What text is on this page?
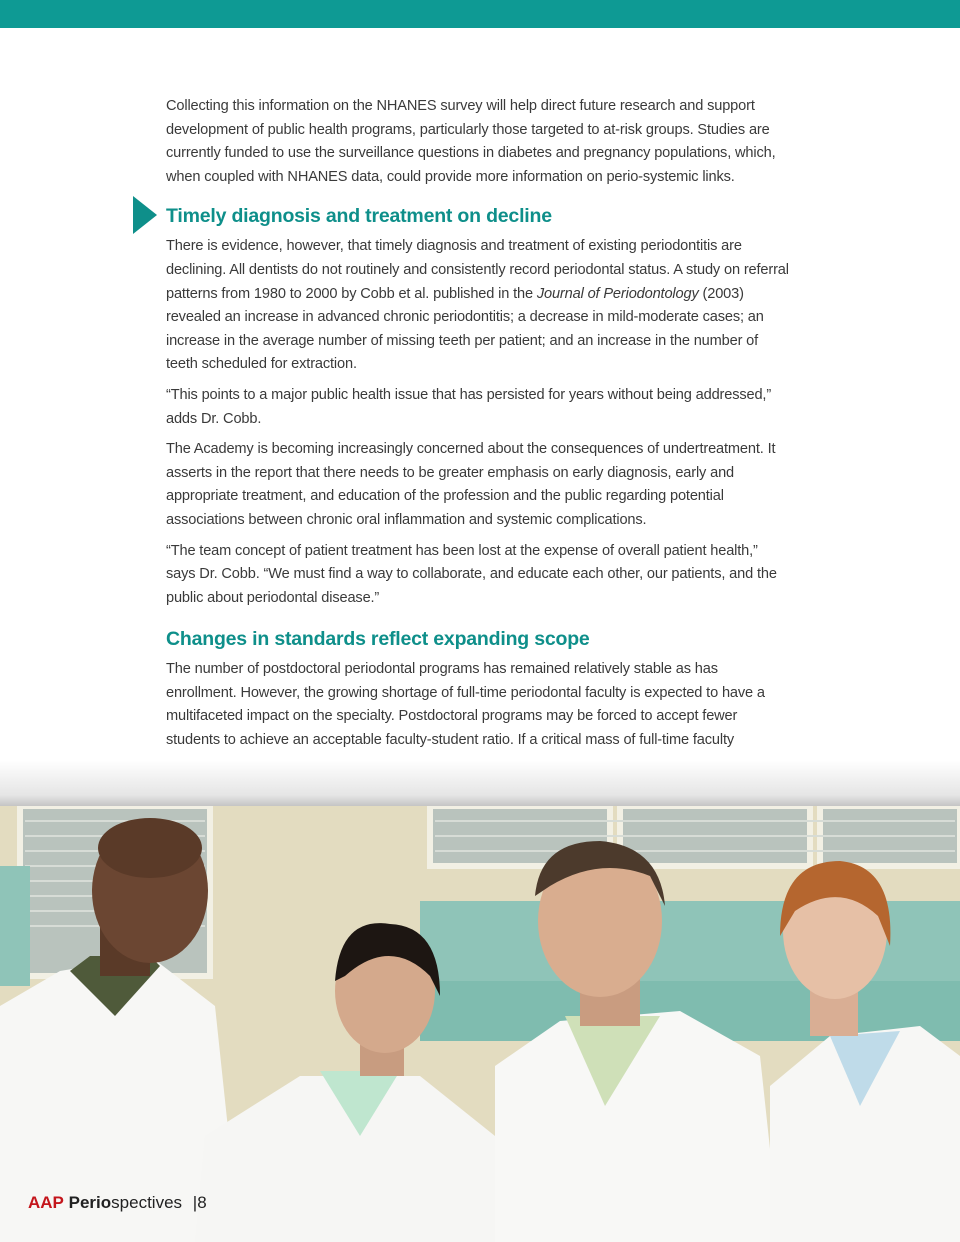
Collecting this information on the NHANES survey will help direct future research and support development of public health programs, particularly those targeted to at-risk groups. Studies are currently funded to use the surveillance questions in diabetes and pregnancy populations, which, when coupled with NHANES data, could provide more information on perio-systemic links.

Timely diagnosis and treatment on decline

There is evidence, however, that timely diagnosis and treatment of existing periodontitis are declining. All dentists do not routinely and consistently record periodontal status. A study on referral patterns from 1980 to 2000 by Cobb et al. published in the Journal of Periodontology (2003) revealed an increase in advanced chronic periodontitis; a decrease in mild-moderate cases; an increase in the average number of missing teeth per patient; and an increase in the number of teeth scheduled for extraction.

“This points to a major public health issue that has persisted for years without being addressed,” adds Dr. Cobb.

The Academy is becoming increasingly concerned about the consequences of undertreatment. It asserts in the report that there needs to be greater emphasis on early diagnosis, early and appropriate treatment, and education of the profession and the public regarding potential associations between chronic oral inflammation and systemic complications.

“The team concept of patient treatment has been lost at the expense of overall patient health,” says Dr. Cobb. “We must find a way to collaborate, and educate each other, our patients, and the public about periodontal disease.”

Changes in standards reflect expanding scope

The number of postdoctoral periodontal programs has remained relatively stable as has enrollment. However, the growing shortage of full-time periodontal faculty is expected to have a multifaceted impact on the specialty. Postdoctoral programs may be forced to accept fewer students to achieve an acceptable faculty-student ratio. If a critical mass of full-time faculty

AAP Periospectives |8
